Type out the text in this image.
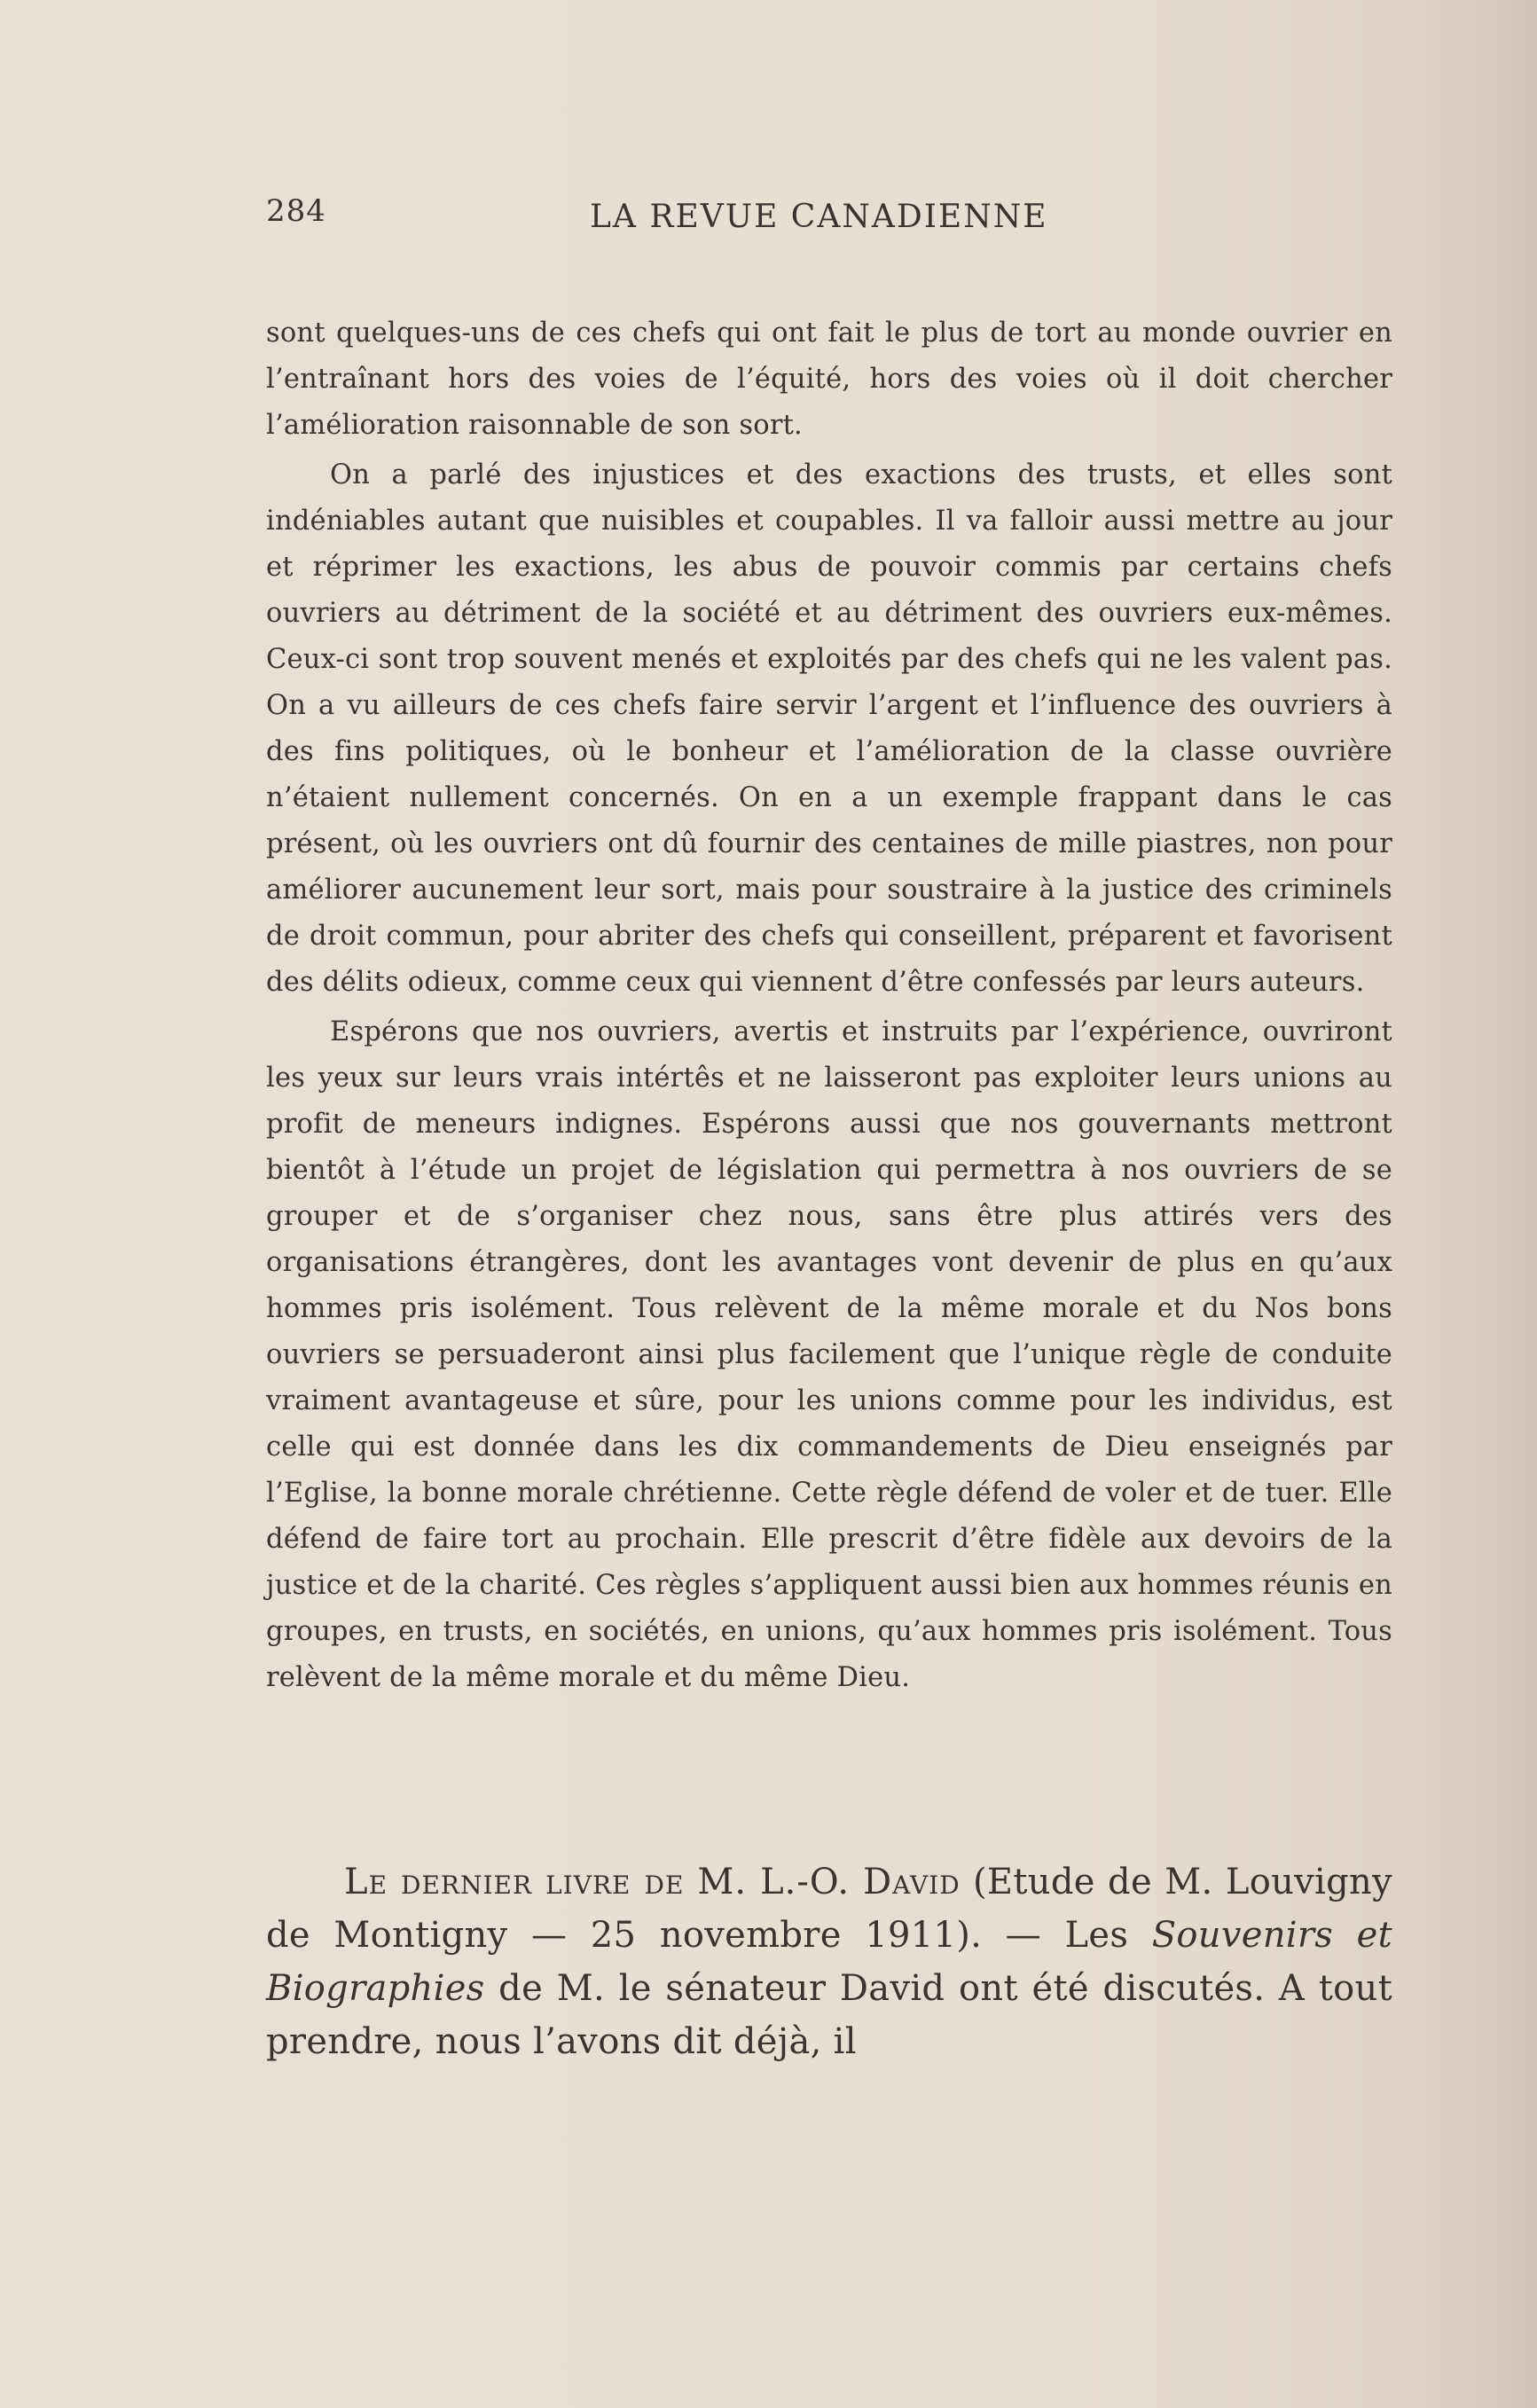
284	LA REVUE CANADIENNE

sont quelques-uns de ces chefs qui ont fait le plus de tort au monde ouvrier en l’entraînant hors des voies de l’équité, hors des voies où il doit chercher l’amélioration raisonnable de son sort.

On a parlé des injustices et des exactions des trusts, et elles sont indéniables autant que nuisibles et coupables. Il va falloir aussi mettre au jour et réprimer les exactions, les abus de pouvoir commis par certains chefs ouvriers au détriment de la société et au détriment des ouvriers eux-mêmes. Ceux-ci sont trop souvent menés et exploités par des chefs qui ne les valent pas. On a vu ailleurs de ces chefs faire servir l’argent et l’influence des ouvriers à des fins politiques, où le bonheur et l’amélioration de la classe ouvrière n’étaient nullement concernés. On en a un exemple frappant dans le cas présent, où les ouvriers ont dû fournir des centaines de mille piastres, non pour améliorer aucunement leur sort, mais pour soustraire à la justice des criminels de droit commun, pour abriter des chefs qui conseillent, préparent et favorisent des délits odieux, comme ceux qui viennent d’être confessés par leurs auteurs.

Espérons que nos ouvriers, avertis et instruits par l’expérience, ouvriront les yeux sur leurs vrais intértês et ne laisseront pas exploiter leurs unions au profit de meneurs indignes. Espérons aussi que nos gouvernants mettront bientôt à l’étude un projet de législation qui permettra à nos ouvriers de se grouper et de s’organiser chez nous, sans être plus attirés vers des organisations étrangères, dont les avantages vont devenir de plus en qu’aux hommes pris isolément. Tous relèvent de la même morale et du Nos bons ouvriers se persuaderont ainsi plus facilement que l’unique règle de conduite vraiment avantageuse et sûre, pour les unions comme pour les individus, est celle qui est donnée dans les dix commandements de Dieu enseignés par l’Eglise, la bonne morale chrétienne. Cette règle défend de voler et de tuer. Elle défend de faire tort au prochain. Elle prescrit d’être fidèle aux devoirs de la justice et de la charité. Ces règles s’appliquent aussi bien aux hommes réunis en groupes, en trusts, en sociétés, en unions, qu’aux hommes pris isolément. Tous relèvent de la même morale et du même Dieu.

Le dernier livre de M. L.-O. David (Etude de M. Louvigny de Montigny — 25 novembre 1911). — Les Souvenirs et Biographies de M. le sénateur David ont été discutés. A tout prendre, nous l’avons dit déjà, il
